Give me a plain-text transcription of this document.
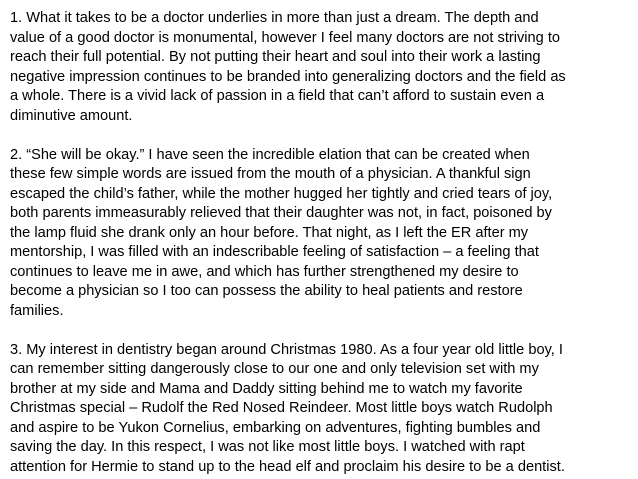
1. What it takes to be a doctor underlies in more than just a dream. The depth and
value of a good doctor is monumental, however I feel many doctors are not striving to
reach their full potential. By not putting their heart and soul into their work a lasting
negative impression continues to be branded into generalizing doctors and the field as
a whole. There is a vivid lack of passion in a field that can’t afford to sustain even a
diminutive amount.
2. “She will be okay.” I have seen the incredible elation that can be created when
these few simple words are issued from the mouth of a physician. A thankful sign
escaped the child’s father, while the mother hugged her tightly and cried tears of joy,
both parents immeasurably relieved that their daughter was not, in fact, poisoned by
the lamp fluid she drank only an hour before. That night, as I left the ER after my
mentorship, I was filled with an indescribable feeling of satisfaction – a feeling that
continues to leave me in awe, and which has further strengthened my desire to
become a physician so I too can possess the ability to heal patients and restore
families.
3. My interest in dentistry began around Christmas 1980. As a four year old little boy, I
can remember sitting dangerously close to our one and only television set with my
brother at my side and Mama and Daddy sitting behind me to watch my favorite
Christmas special – Rudolf the Red Nosed Reindeer. Most little boys watch Rudolph
and aspire to be Yukon Cornelius, embarking on adventures, fighting bumbles and
saving the day. In this respect, I was not like most little boys. I watched with rapt
attention for Hermie to stand up to the head elf and proclaim his desire to be a dentist.
